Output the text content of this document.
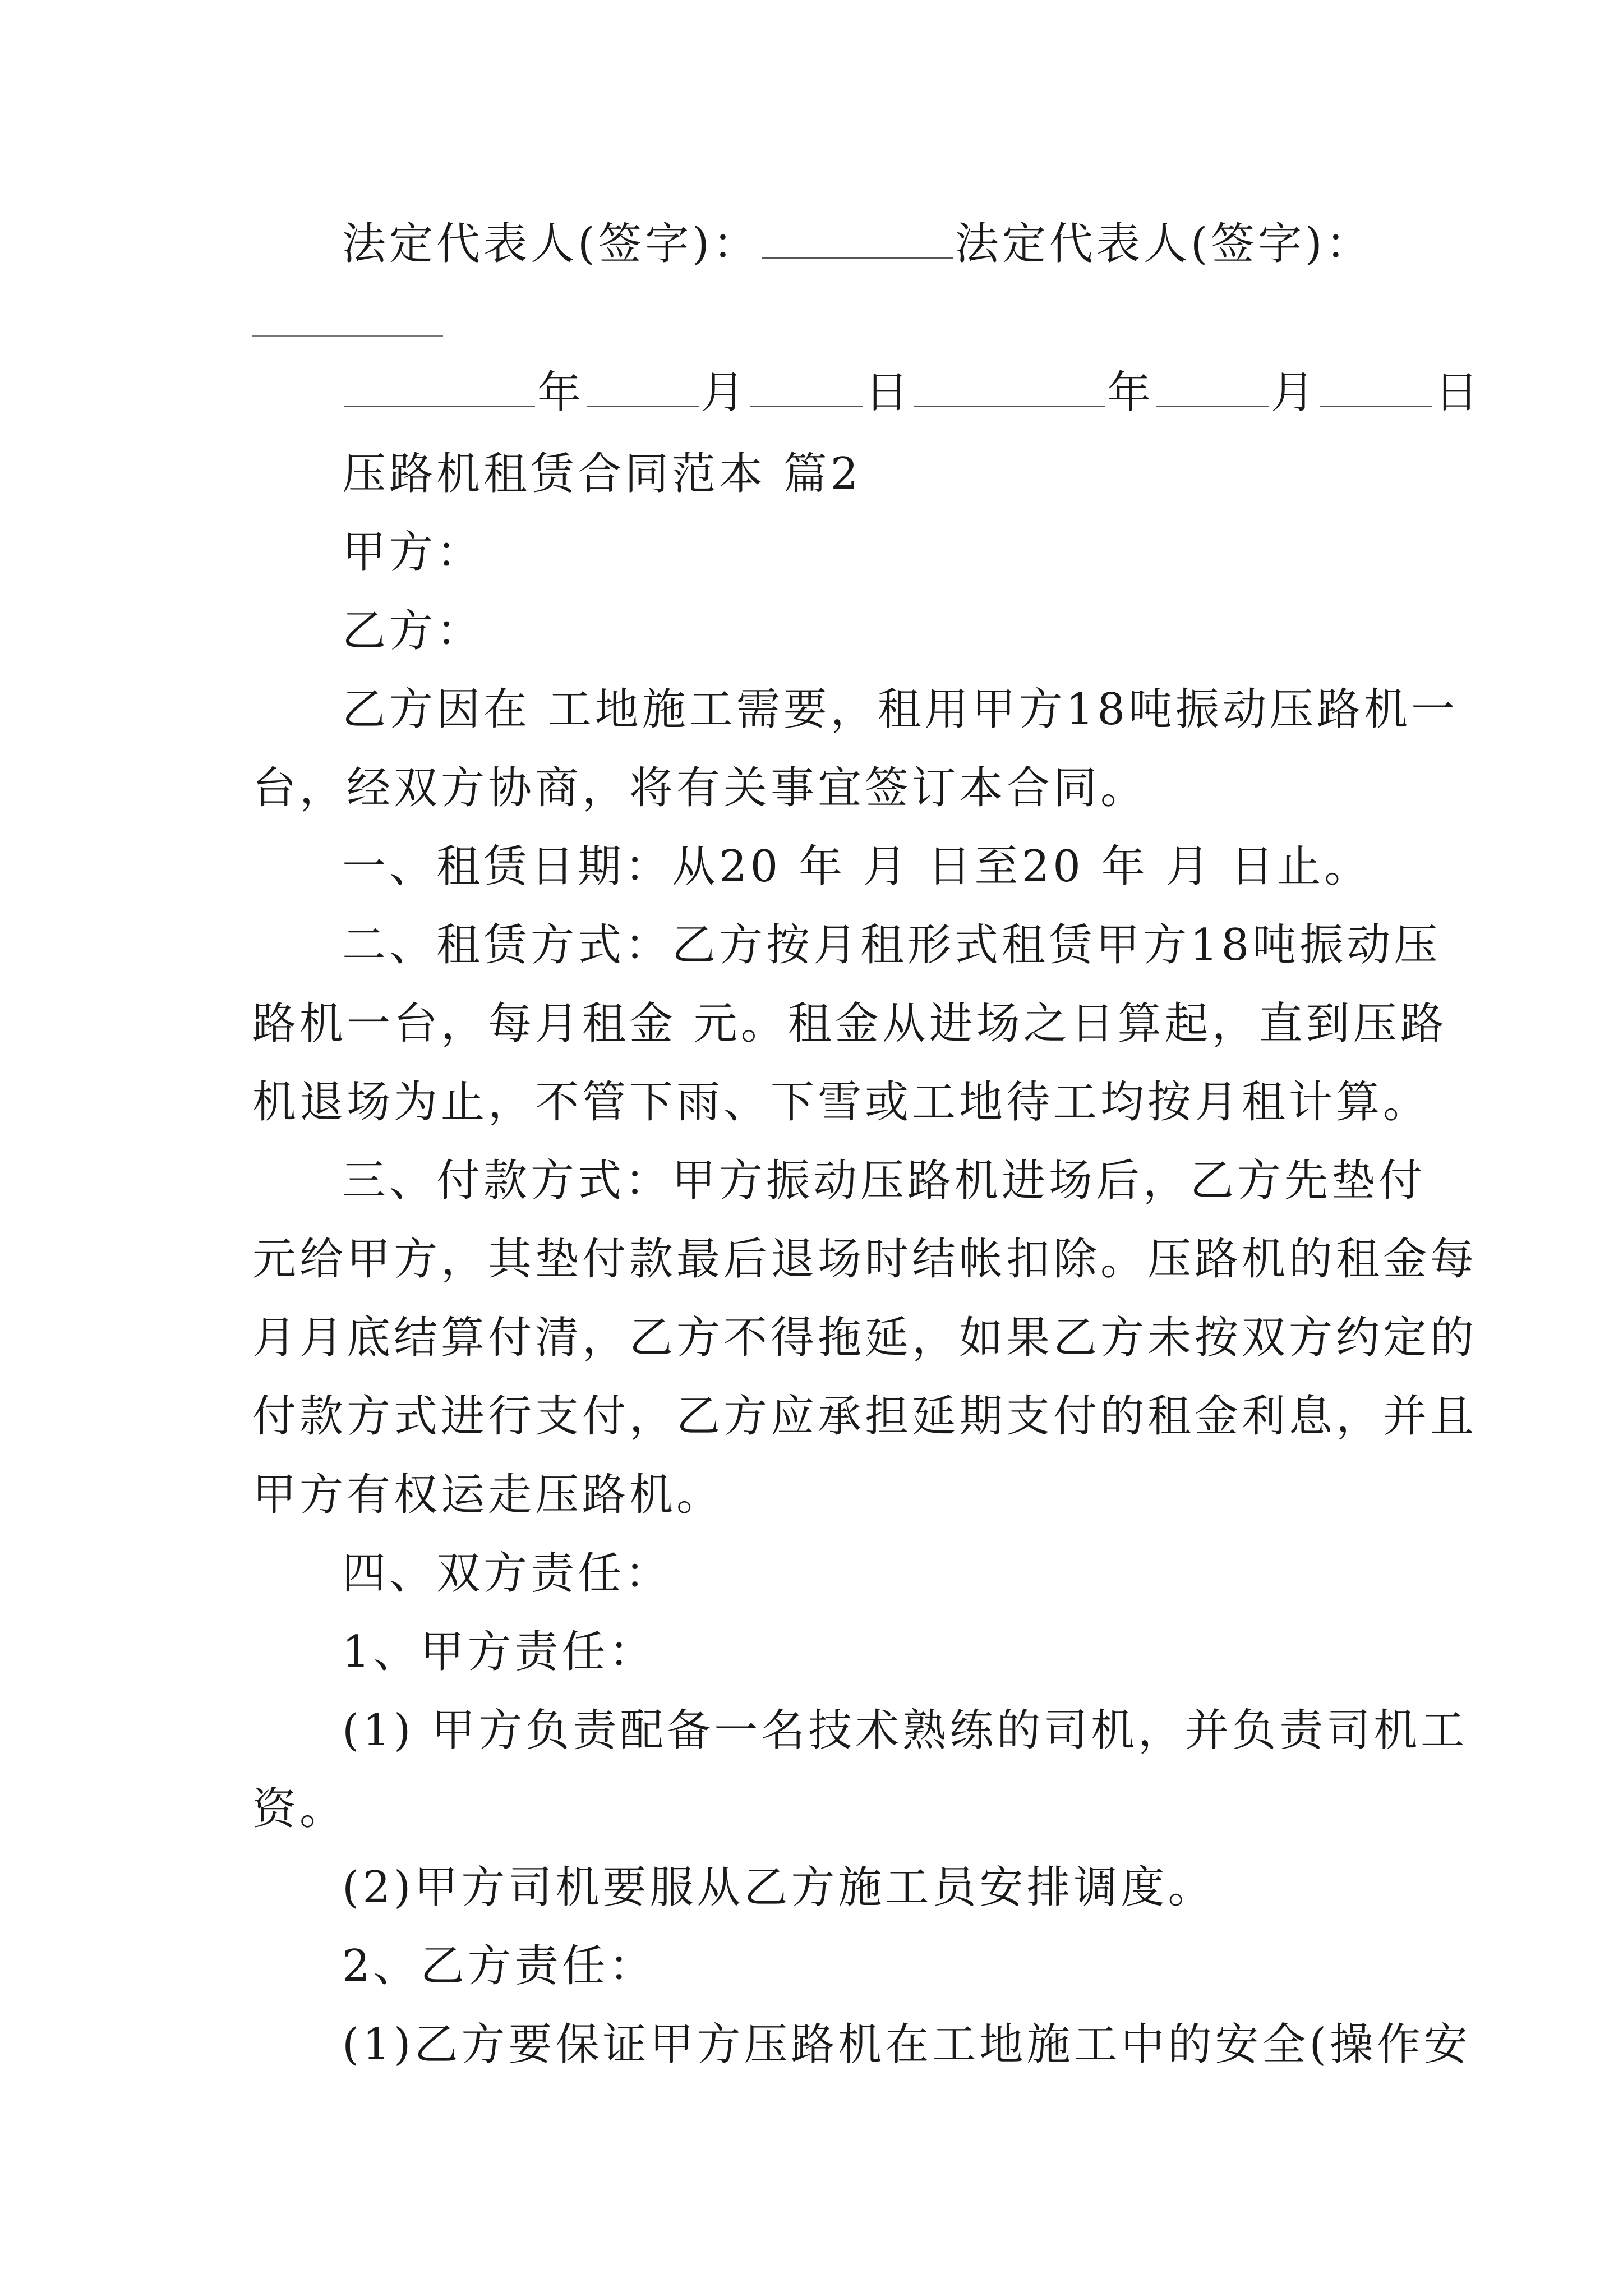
法定代表人(签字)：	法定代表人(签字)：
年	月	日	年	月	日
压路机租赁合同范本 篇2
甲方：
乙方：
乙方因在 工地施工需要，租用甲方18吨振动压路机一
台，经双方协商，将有关事宜签订本合同。
一、租赁日期：从20 年 月 日至20 年 月 日止。
二、租赁方式：乙方按月租形式租赁甲方18吨振动压
路机一台，每月租金 元。租金从进场之日算起，直到压路
机退场为止，不管下雨、下雪或工地待工均按月租计算。
三、付款方式：甲方振动压路机进场后，乙方先垫付
元给甲方，其垫付款最后退场时结帐扣除。压路机的租金每
月月底结算付清，乙方不得拖延，如果乙方未按双方约定的
付款方式进行支付，乙方应承担延期支付的租金利息，并且
甲方有权运走压路机。
四、双方责任：
1、甲方责任：
(1) 甲方负责配备一名技术熟练的司机，并负责司机工
资。
(2)甲方司机要服从乙方施工员安排调度。
2、乙方责任：
(1)乙方要保证甲方压路机在工地施工中的安全(操作安
